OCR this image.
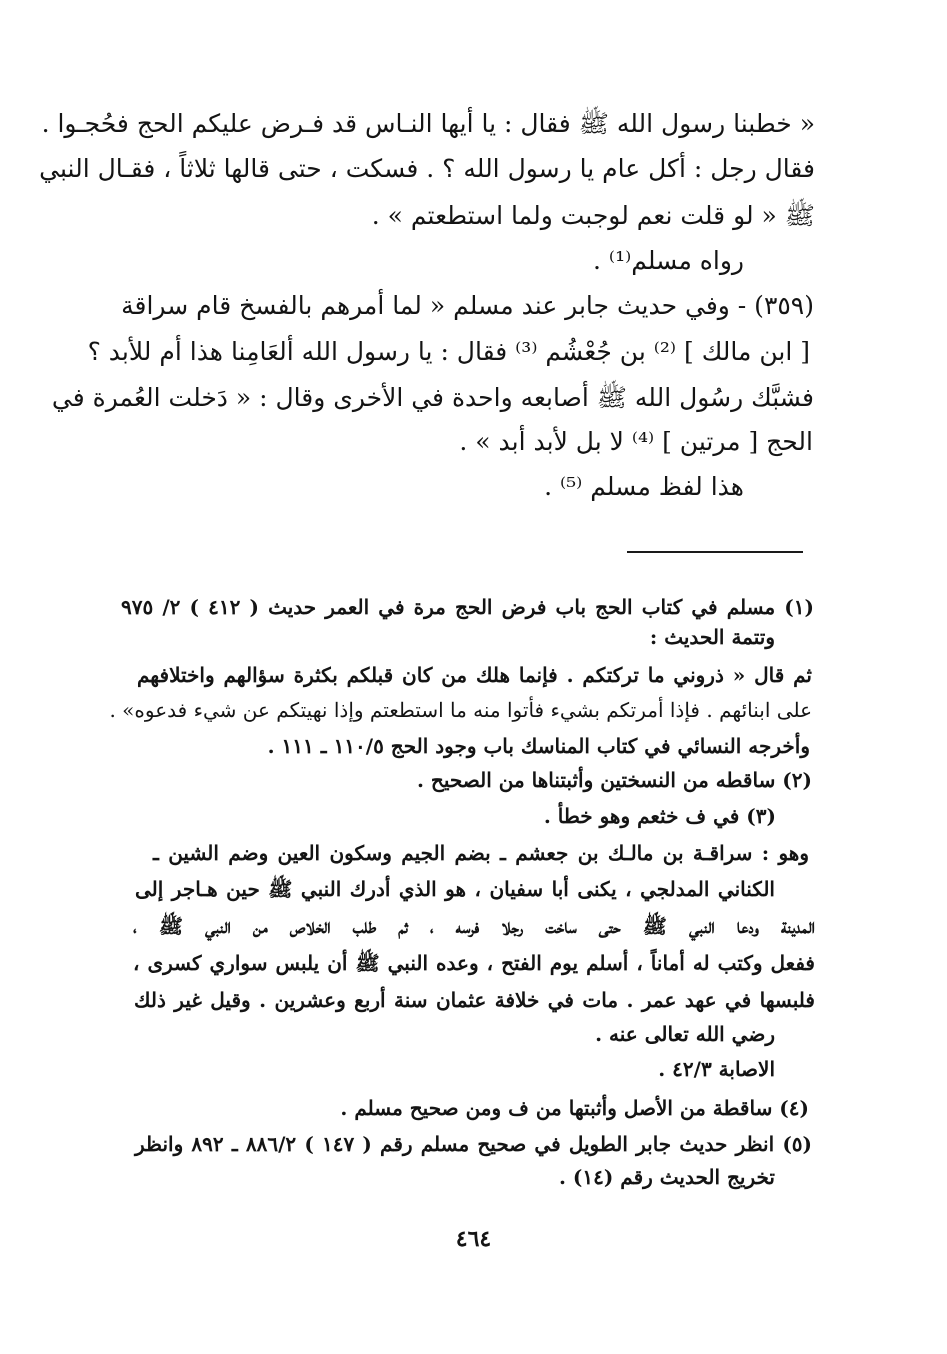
« خطبنا رسول الله ﷺ فقال : يا أيها النـاس قد فـرض عليكم الحج فحُجـوا .
فقال رجل : أكل عام يا رسول الله ؟ . فسكت ، حتى قالها ثلاثاً ، فقـال النبي
ﷺ « لو قلت نعم لوجبت ولما استطعتم » .
رواه مسلم⁽¹⁾ .
(٣٥٩) - وفي حديث جابر عند مسلم « لما أمرهم بالفسخ قام سراقة
[ ابن مالك ] ⁽²⁾ بن جُعْشُم ⁽³⁾ فقال : يا رسول الله ألعَامِنا هذا أم للأبد ؟
فشبَّك رسُول الله ﷺ أصابعه واحدة في الأخرى وقال : « دَخلت العُمرة في
الحج [ مرتين ] ⁽⁴⁾ لا بل لأبد أبد » .
هذا لفظ مسلم ⁽⁵⁾ .
(١) مسلم في كتاب الحج باب فرض الحج مرة في العمر حديث ( ٤١٢ ) ٢/ ٩٧٥
وتتمة الحديث :
ثم قال « ذروني ما تركتكم . فإنما هلك من كان قبلكم بكثرة سؤالهم واختلافهم
على ابنائهم . فإذا أمرتكم بشيء فأتوا منه ما استطعتم وإذا نهيتكم عن شيء فدعوه» .
وأخرجه النسائي في كتاب المناسك باب وجود الحج ١١٠/٥ ـ ١١١ .
(٢) ساقطه من النسختين وأثبتناها من الصحيح .
(٣) في ف خثعم وهو خطأ .
وهو : سراقـة بن مالـك بن جعشم ـ بضم الجيم وسكون العين وضم الشين ـ
الكناني المدلجي ، يكنى أبا سفيان ، هو الذي أدرك النبي ﷺ حين هـاجر إلى
المدينة ودعا النبي ﷺ حتى ساخت رجلا فرسه ، ثم طلب الخلاص من النبي ﷺ ،
ففعل وكتب له أماناً ، أسلم يوم الفتح ، وعده النبي ﷺ أن يلبس سواري كسرى ،
فلبسها في عهد عمر . مات في خلافة عثمان سنة أربع وعشرين . وقيل غير ذلك
رضي الله تعالى عنه .
الاصابة ٤٢/٣ .
(٤) ساقطة من الأصل وأثبتها من ف ومن صحيح مسلم .
(٥) انظر حديث جابر الطويل في صحيح مسلم رقم ( ١٤٧ ) ٨٨٦/٢ ـ ٨٩٢ وانظر
تخريج الحديث رقم (١٤) .
٤٦٤
